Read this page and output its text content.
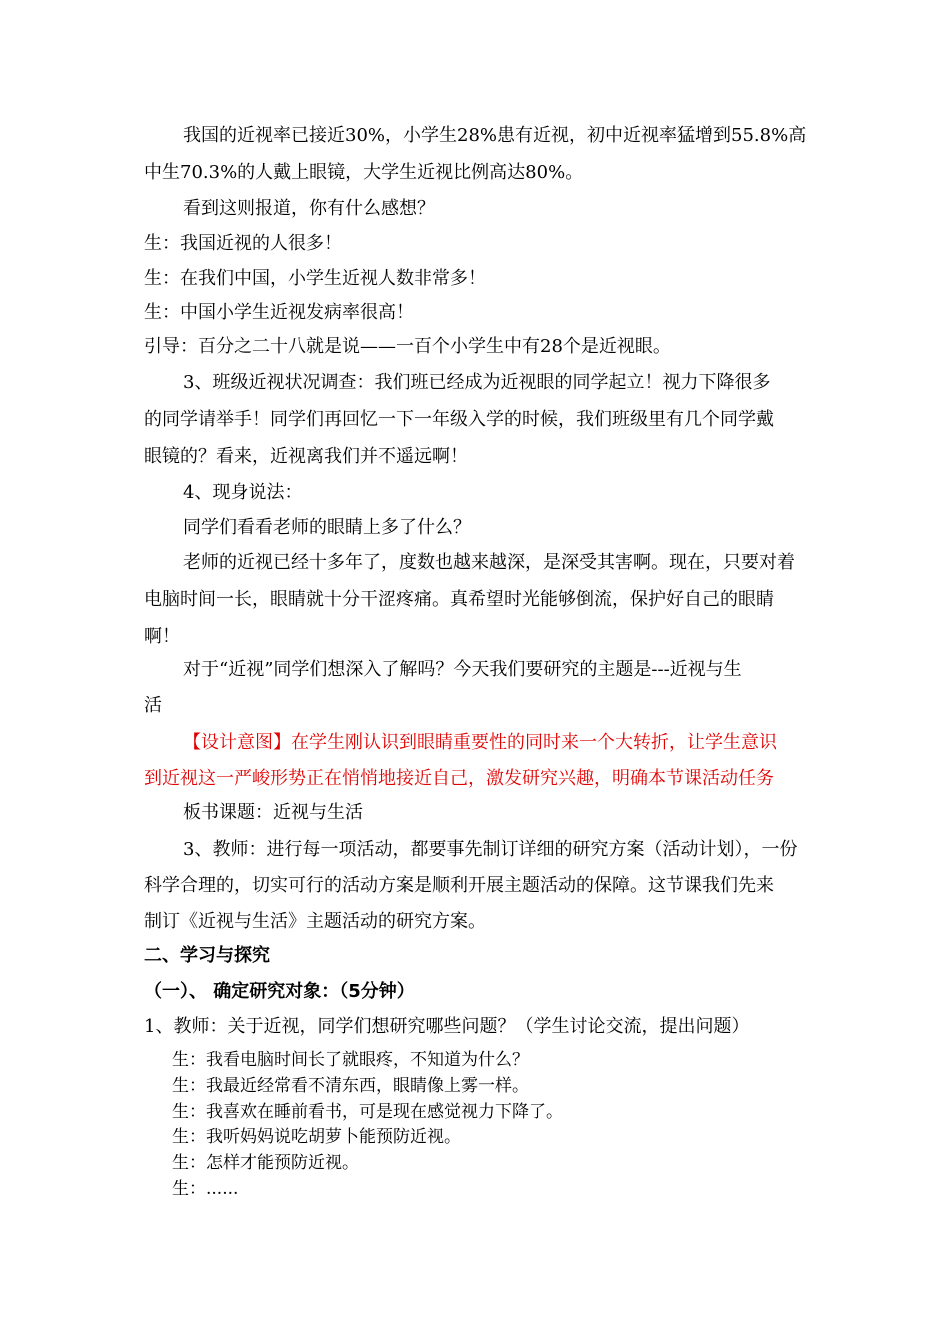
我国的近视率已接近30%，小学生28%患有近视，初中近视率猛增到55.8%高
中生70.3%的人戴上眼镜，大学生近视比例高达80%。
看到这则报道，你有什么感想？
生：我国近视的人很多！
生：在我们中国，小学生近视人数非常多！
生：中国小学生近视发病率很高！
引导：百分之二十八就是说——一百个小学生中有28个是近视眼。
3、班级近视状况调查：我们班已经成为近视眼的同学起立！视力下降很多
的同学请举手！同学们再回忆一下一年级入学的时候，我们班级里有几个同学戴
眼镜的？看来，近视离我们并不遥远啊！
4、现身说法：
同学们看看老师的眼睛上多了什么？
老师的近视已经十多年了，度数也越来越深，是深受其害啊。现在，只要对着
电脑时间一长，眼睛就十分干涩疼痛。真希望时光能够倒流，保护好自己的眼睛
啊！
对于“近视”同学们想深入了解吗？今天我们要研究的主题是---近视与生
活
【设计意图】在学生刚认识到眼睛重要性的同时来一个大转折，让学生意识
到近视这一严峻形势正在悄悄地接近自己，激发研究兴趣，明确本节课活动任务
板书课题：近视与生活
3、教师：进行每一项活动，都要事先制订详细的研究方案（活动计划），一份
科学合理的，切实可行的活动方案是顺利开展主题活动的保障。这节课我们先来
制订《近视与生活》主题活动的研究方案。
二、学习与探究
（一）、 确定研究对象：（5分钟）
1、教师：关于近视，同学们想研究哪些问题？（学生讨论交流，提出问题）
生：我看电脑时间长了就眼疼，不知道为什么？
生：我最近经常看不清东西，眼睛像上雾一样。
生：我喜欢在睡前看书，可是现在感觉视力下降了。
生：我听妈妈说吃胡萝卜能预防近视。
生：怎样才能预防近视。
生：......
